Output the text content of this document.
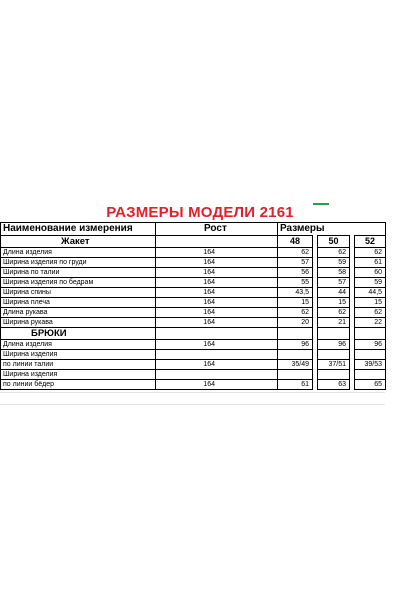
РАЗМЕРЫ МОДЕЛИ 2161
Наименование измерения	Рост	Размеры				
Жакет		48		50		52
Длина изделия	164	62		62		62
Ширина изделия по груди	164	57		59		61
Ширина по талии	164	56		58		60
Ширина изделия по бедрам	164	55		57		59
Ширина спины	164	43,5		44		44,5
Ширина плеча	164	15		15		15
Длина рукава	164	62		62		62
Ширина рукава	164	20		21		22
БРЮКИ						
Длина изделия	164	96		96		96
Ширина изделия						
по линии талии	164	35/49		37/51		39/53
Ширина изделия						
по линии бёдер	164	61		63		65
